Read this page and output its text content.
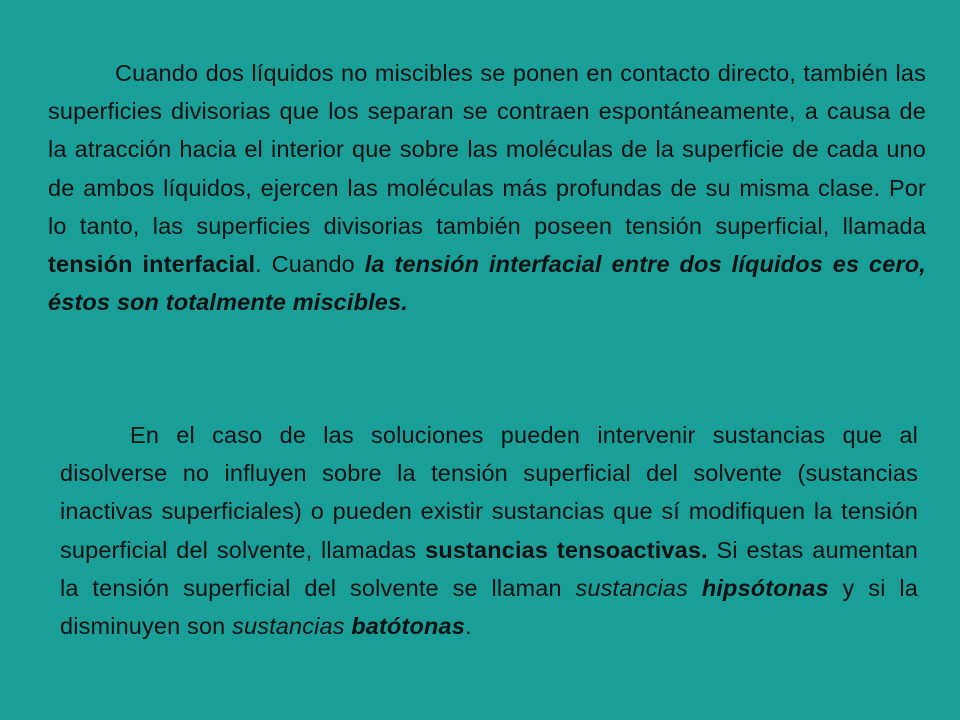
Cuando dos líquidos no miscibles se ponen en contacto directo, también las superficies divisorias que los separan se contraen espontáneamente, a causa de la atracción hacia el interior que sobre las moléculas de la superficie de cada uno de ambos líquidos, ejercen las moléculas más profundas de su misma clase. Por lo tanto, las superficies divisorias también poseen tensión superficial, llamada tensión interfacial. Cuando la tensión interfacial entre dos líquidos es cero, éstos son totalmente miscibles.

En el caso de las soluciones pueden intervenir sustancias que al disolverse no influyen sobre la tensión superficial del solvente (sustancias inactivas superficiales) o pueden existir sustancias que sí modifiquen la tensión superficial del solvente, llamadas sustancias tensoactivas. Si estas aumentan la tensión superficial del solvente se llaman sustancias hipsótonas y si la disminuyen son sustancias batótonas.
